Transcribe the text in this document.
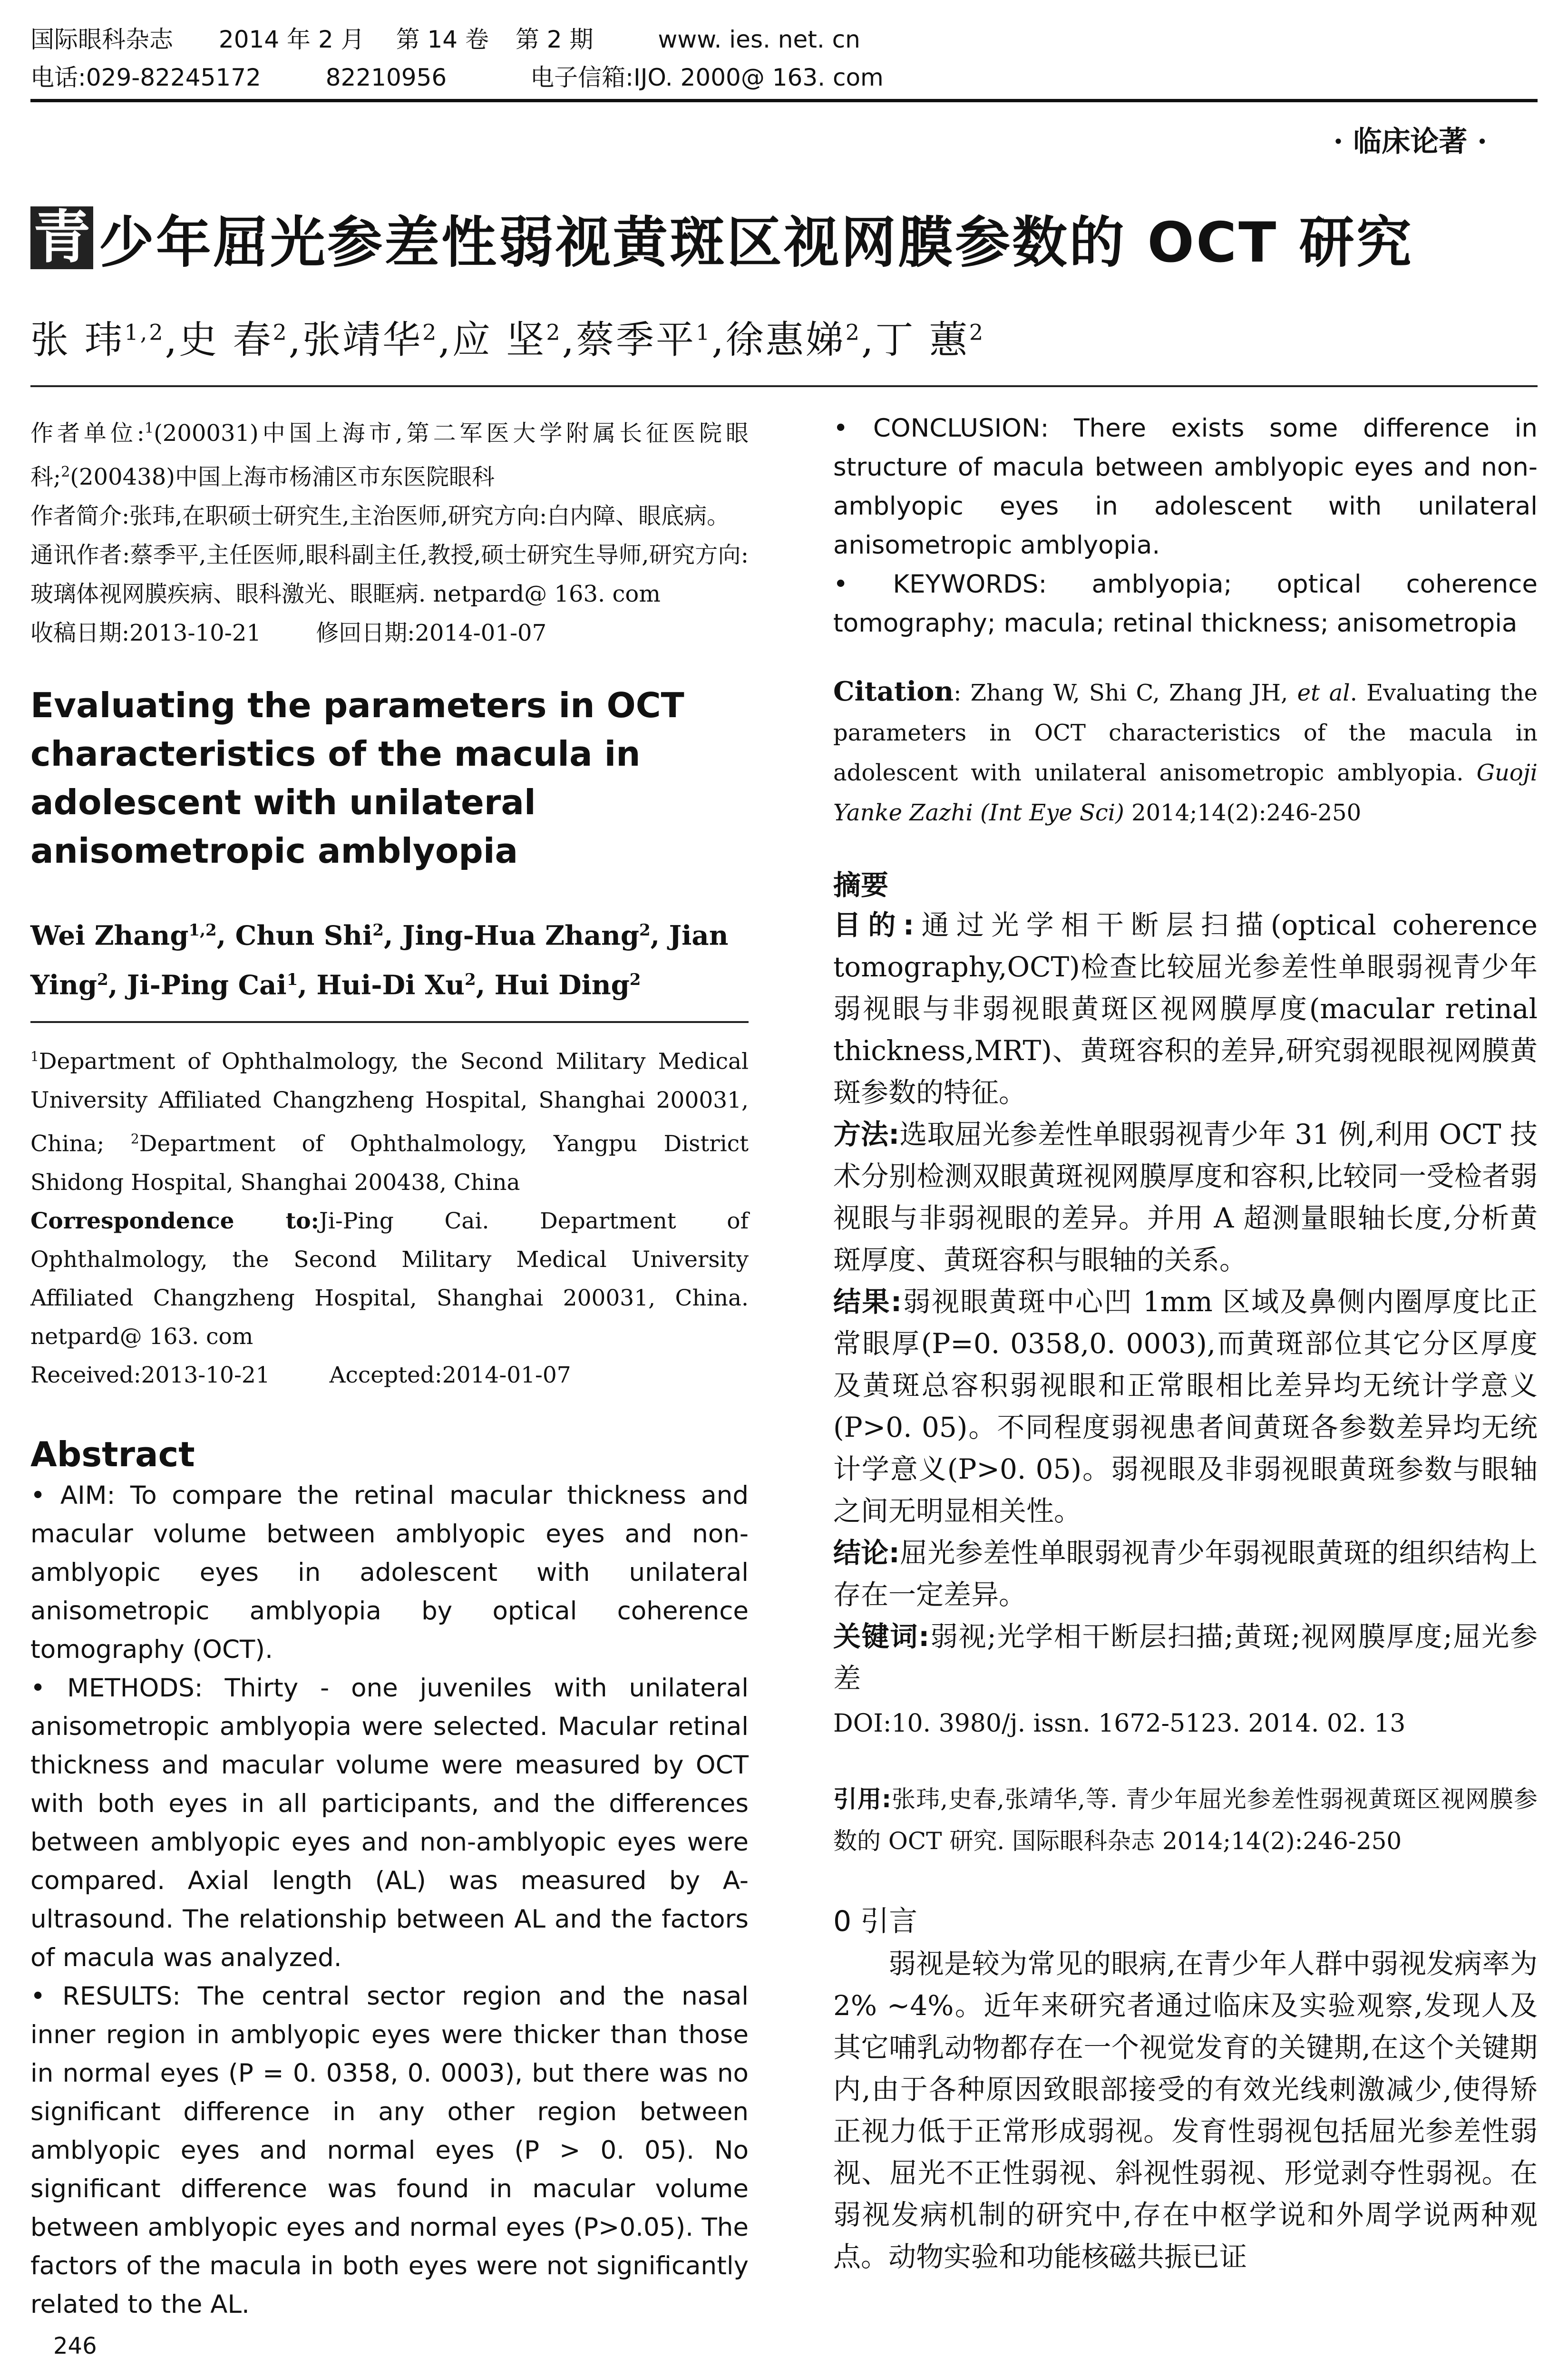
国际眼科杂志 2014 年 2 月 第 14 卷 第 2 期	www. ies. net. cn
电话:029-82245172	82210956	电子信箱:IJO. 2000@ 163. com
· 临床论著 ·
青 少年屈光参差性弱视黄斑区视网膜参数的 OCT 研究
张 玮$^{1,2}$,史 春$^2$,张靖华$^2$,应 坚$^2$,蔡季平$^1$,徐惠娣$^2$,丁 蕙$^2$
作者单位:$^1$(200031)中国上海市,第二军医大学附属长征医院眼科;$^2$(200438)中国上海市杨浦区市东医院眼科
作者简介:张玮,在职硕士研究生,主治医师,研究方向:白内障、眼底病。
通讯作者:蔡季平,主任医师,眼科副主任,教授,硕士研究生导师,研究方向:玻璃体视网膜疾病、眼科激光、眼眶病. netpard@ 163. com
收稿日期:2013-10-21 修回日期:2014-01-07
Evaluating the parameters in OCT characteristics of the macula in adolescent with unilateral anisometropic amblyopia
Wei Zhang$^{1,2}$, Chun Shi$^2$, Jing-Hua Zhang$^2$, Jian Ying$^2$, Ji-Ping Cai$^1$, Hui-Di Xu$^2$, Hui Ding$^2$
$^1$Department of Ophthalmology, the Second Military Medical University Affiliated Changzheng Hospital, Shanghai 200031, China; $^2$Department of Ophthalmology, Yangpu District Shidong Hospital, Shanghai 200438, China
Correspondence to:Ji-Ping Cai. Department of Ophthalmology, the Second Military Medical University Affiliated Changzheng Hospital, Shanghai 200031, China. netpard@ 163. com
Received:2013-10-21	Accepted:2014-01-07
Abstract
• AIM: To compare the retinal macular thickness and macular volume between amblyopic eyes and non-amblyopic eyes in adolescent with unilateral anisometropic amblyopia by optical coherence tomography (OCT).
• METHODS: Thirty - one juveniles with unilateral anisometropic amblyopia were selected. Macular retinal thickness and macular volume were measured by OCT with both eyes in all participants, and the differences between amblyopic eyes and non-amblyopic eyes were compared. Axial length (AL) was measured by A-ultrasound. The relationship between AL and the factors of macula was analyzed.
• RESULTS: The central sector region and the nasal inner region in amblyopic eyes were thicker than those in normal eyes (P = 0. 0358, 0. 0003), but there was no significant difference in any other region between amblyopic eyes and normal eyes (P > 0. 05). No significant difference was found in macular volume between amblyopic eyes and normal eyes (P>0.05). The factors of the macula in both eyes were not significantly related to the AL.
246
• CONCLUSION: There exists some difference in structure of macula between amblyopic eyes and non-amblyopic eyes in adolescent with unilateral anisometropic amblyopia.
• KEYWORDS: amblyopia; optical coherence tomography; macula; retinal thickness; anisometropia
Citation: Zhang W, Shi C, Zhang JH, et al. Evaluating the parameters in OCT characteristics of the macula in adolescent with unilateral anisometropic amblyopia. Guoji Yanke Zazhi (Int Eye Sci) 2014;14(2):246-250
摘要
目的:通过光学相干断层扫描(optical coherence tomography,OCT)检查比较屈光参差性单眼弱视青少年弱视眼与非弱视眼黄斑区视网膜厚度(macular retinal thickness,MRT)、黄斑容积的差异,研究弱视眼视网膜黄斑参数的特征。
方法:选取屈光参差性单眼弱视青少年 31 例,利用 OCT 技术分别检测双眼黄斑视网膜厚度和容积,比较同一受检者弱视眼与非弱视眼的差异。并用 A 超测量眼轴长度,分析黄斑厚度、黄斑容积与眼轴的关系。
结果:弱视眼黄斑中心凹 1mm 区域及鼻侧内圈厚度比正常眼厚(P=0. 0358,0. 0003),而黄斑部位其它分区厚度及黄斑总容积弱视眼和正常眼相比差异均无统计学意义(P>0. 05)。不同程度弱视患者间黄斑各参数差异均无统计学意义(P>0. 05)。弱视眼及非弱视眼黄斑参数与眼轴之间无明显相关性。
结论:屈光参差性单眼弱视青少年弱视眼黄斑的组织结构上存在一定差异。
关键词:弱视;光学相干断层扫描;黄斑;视网膜厚度;屈光参差
DOI:10. 3980/j. issn. 1672-5123. 2014. 02. 13
引用:张玮,史春,张靖华,等. 青少年屈光参差性弱视黄斑区视网膜参数的 OCT 研究. 国际眼科杂志 2014;14(2):246-250
0 引言
弱视是较为常见的眼病,在青少年人群中弱视发病率为 2% ~4%。近年来研究者通过临床及实验观察,发现人及其它哺乳动物都存在一个视觉发育的关键期,在这个关键期内,由于各种原因致眼部接受的有效光线刺激减少,使得矫正视力低于正常形成弱视。发育性弱视包括屈光参差性弱视、屈光不正性弱视、斜视性弱视、形觉剥夺性弱视。在弱视发病机制的研究中,存在中枢学说和外周学说两种观点。动物实验和功能核磁共振已证
